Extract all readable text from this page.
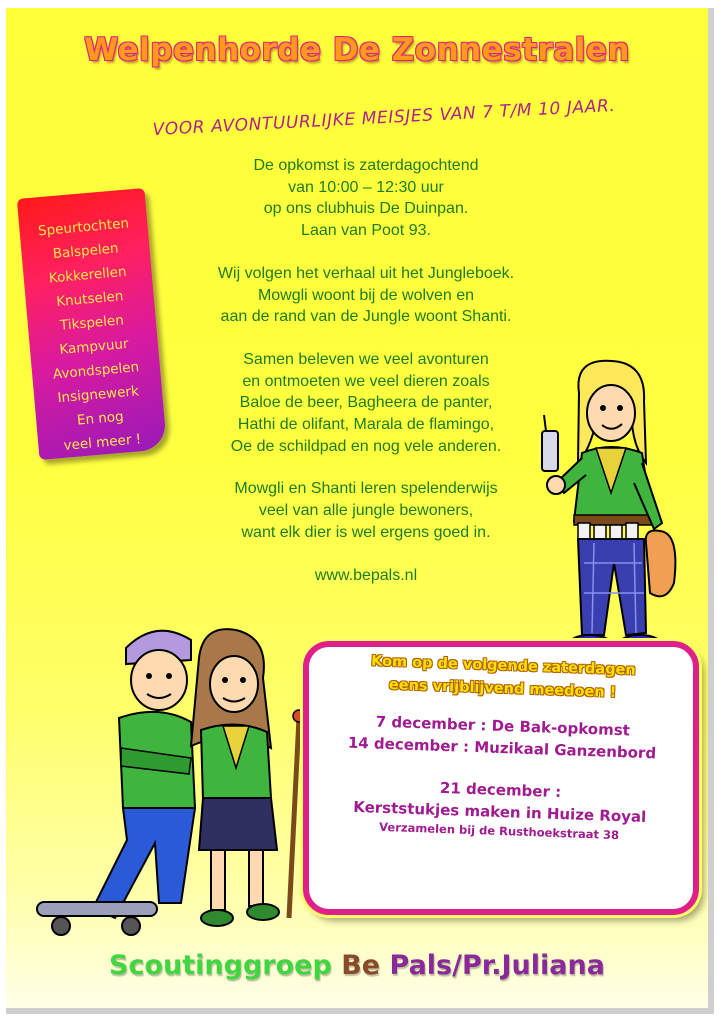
Welpenhorde De Zonnestralen
VOOR AVONTUURLIJKE MEISJES VAN 7 T/M 10 JAAR.

De opkomst is zaterdagochtend
van 10:00 – 12:30 uur
op ons clubhuis De Duinpan.
Laan van Poot 93.

Wij volgen het verhaal uit het Jungleboek.
Mowgli woont bij de wolven en
aan de rand van de Jungle woont Shanti.

Samen beleven we veel avonturen
en ontmoeten we veel dieren zoals
Baloe de beer, Bagheera de panter,
Hathi de olifant, Marala de flamingo,
Oe de schildpad en nog vele anderen.

Mowgli en Shanti leren spelenderwijs
veel van alle jungle bewoners,
want elk dier is wel ergens goed in.

www.bepals.nl

Speurtochten
Balspelen
Kokkerellen
Knutselen
Tikspelen
Kampvuur
Avondspelen
Insignewerk
En nog
veel meer !
Kom op de volgende zaterdagen
eens vrijblijvend meedoen !
7 december : De Bak-opkomst
14 december : Muzikaal Ganzenbord
21 december :
Kerststukjes maken in Huize Royal
Verzamelen bij de Rusthoekstraat 38
Scoutinggroep Be Pals/Pr.Juliana
